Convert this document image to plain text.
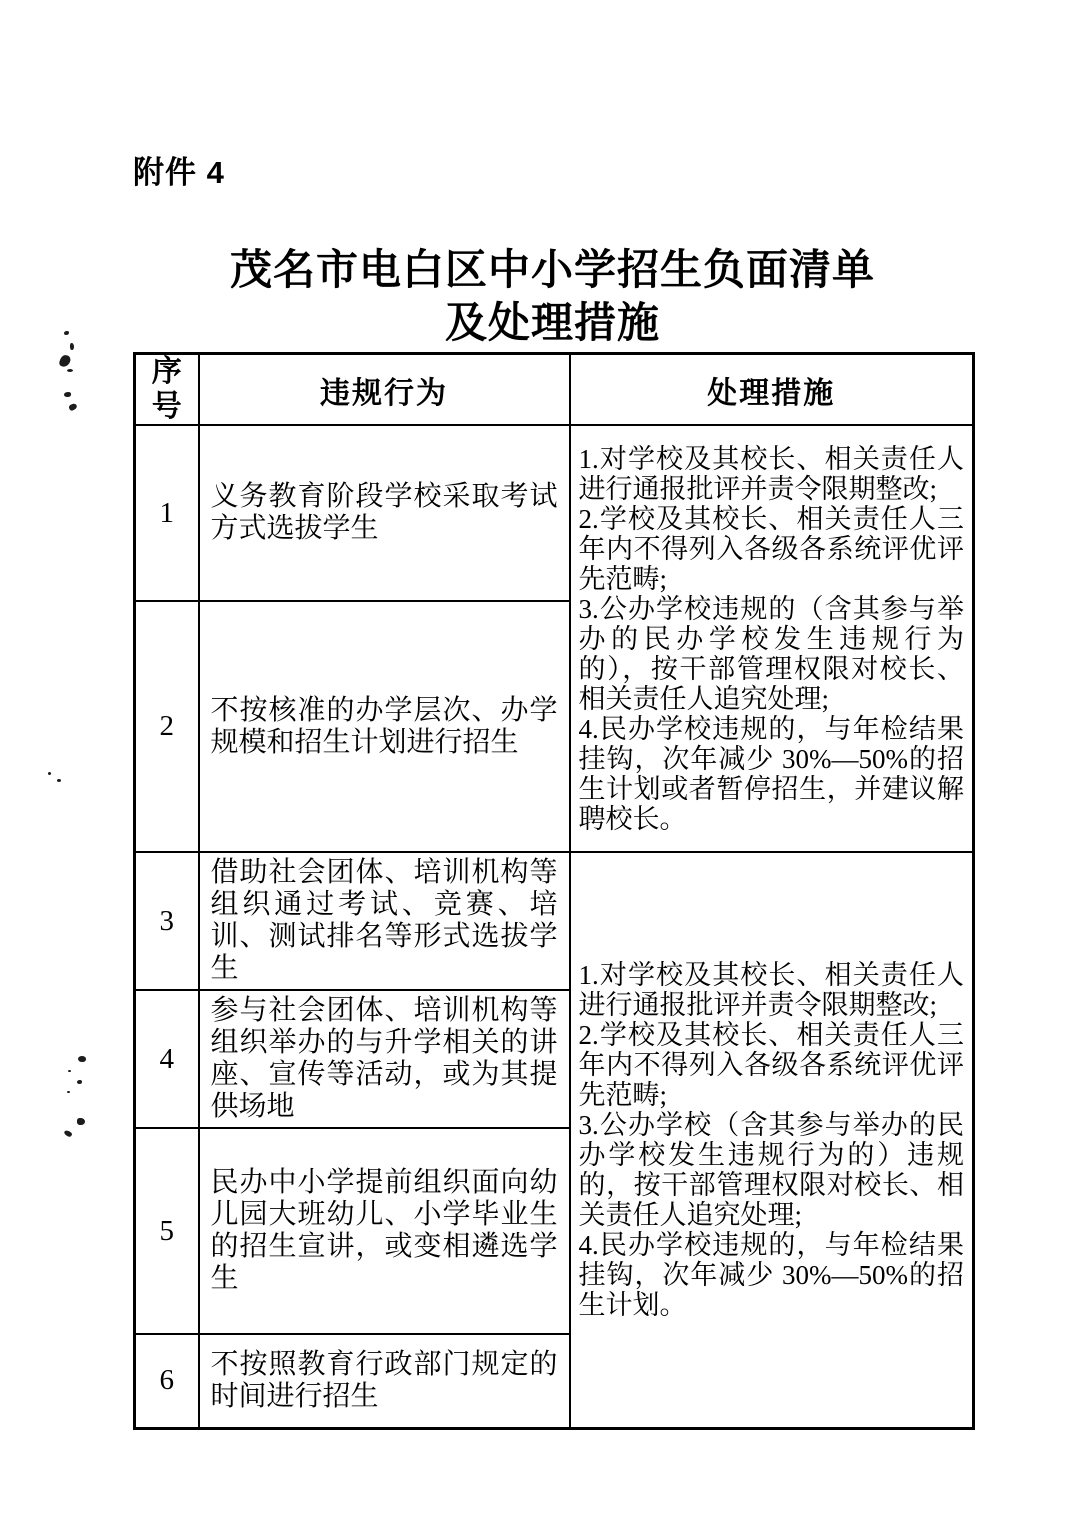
附件 4
茂名市电白区中小学招生负面清单
及处理措施
序号	违规行为	处理措施
1	义务教育阶段学校采取考试方式选拔学生	1.对学校及其校长、相关责任人进行通报批评并责令限期整改;

2.学校及其校长、相关责任人三年内不得列入各级各系统评优评先范畴;

3.公办学校违规的（含其参与举办的民办学校发生违规行为的），按干部管理权限对校长、相关责任人追究处理;

4.民办学校违规的，与年检结果挂钩，次年减少 30%—50%的招生计划或者暂停招生，并建议解聘校长。

2	不按核准的办学层次、办学规模和招生计划进行招生	
3	借助社会团体、培训机构等组织通过考试、竞赛、培训、测试排名等形式选拔学生	1.对学校及其校长、相关责任人进行通报批评并责令限期整改;

2.学校及其校长、相关责任人三年内不得列入各级各系统评优评先范畴;

3.公办学校（含其参与举办的民办学校发生违规行为的）违规的，按干部管理权限对校长、相关责任人追究处理;

4.民办学校违规的，与年检结果挂钩，次年减少 30%—50%的招生计划。

4	参与社会团体、培训机构等组织举办的与升学相关的讲座、宣传等活动，或为其提供场地	
5	民办中小学提前组织面向幼儿园大班幼儿、小学毕业生的招生宣讲，或变相遴选学生	
6	不按照教育行政部门规定的时间进行招生	
